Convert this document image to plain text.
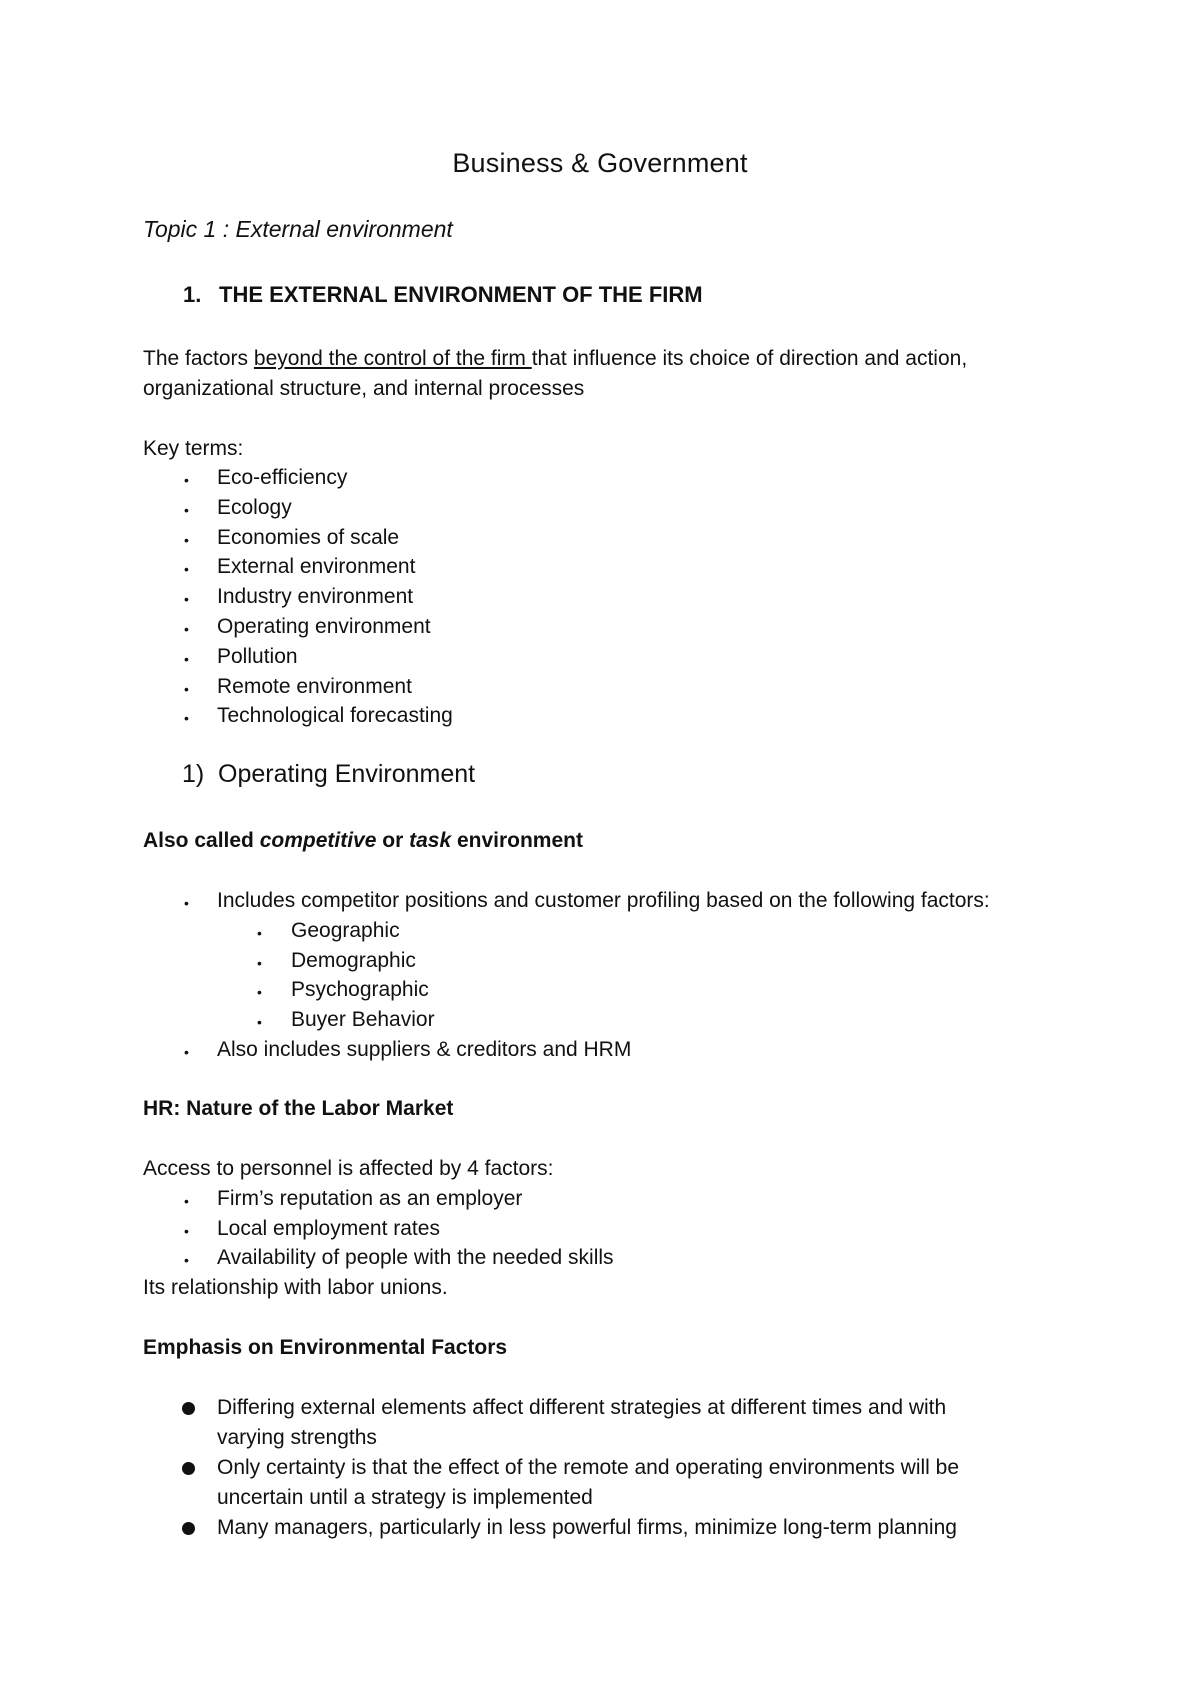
Business & Government
Topic 1 : External environment
1. THE EXTERNAL ENVIRONMENT OF THE FIRM
The factors beyond the control of the firm that influence its choice of direction and action,
organizational structure, and internal processes
Key terms:
• Eco-efficiency
• Ecology
• Economies of scale
• External environment
• Industry environment
• Operating environment
• Pollution
• Remote environment
• Technological forecasting
1) Operating Environment
Also called competitive or task environment
• Includes competitor positions and customer profiling based on the following factors:
• Geographic
• Demographic
• Psychographic
• Buyer Behavior
• Also includes suppliers & creditors and HRM
HR: Nature of the Labor Market
Access to personnel is affected by 4 factors:
• Firm’s reputation as an employer
• Local employment rates
• Availability of people with the needed skills
Its relationship with labor unions.
Emphasis on Environmental Factors
Differing external elements affect different strategies at different times and with
varying strengths
Only certainty is that the effect of the remote and operating environments will be
uncertain until a strategy is implemented
Many managers, particularly in less powerful firms, minimize long-term planning
